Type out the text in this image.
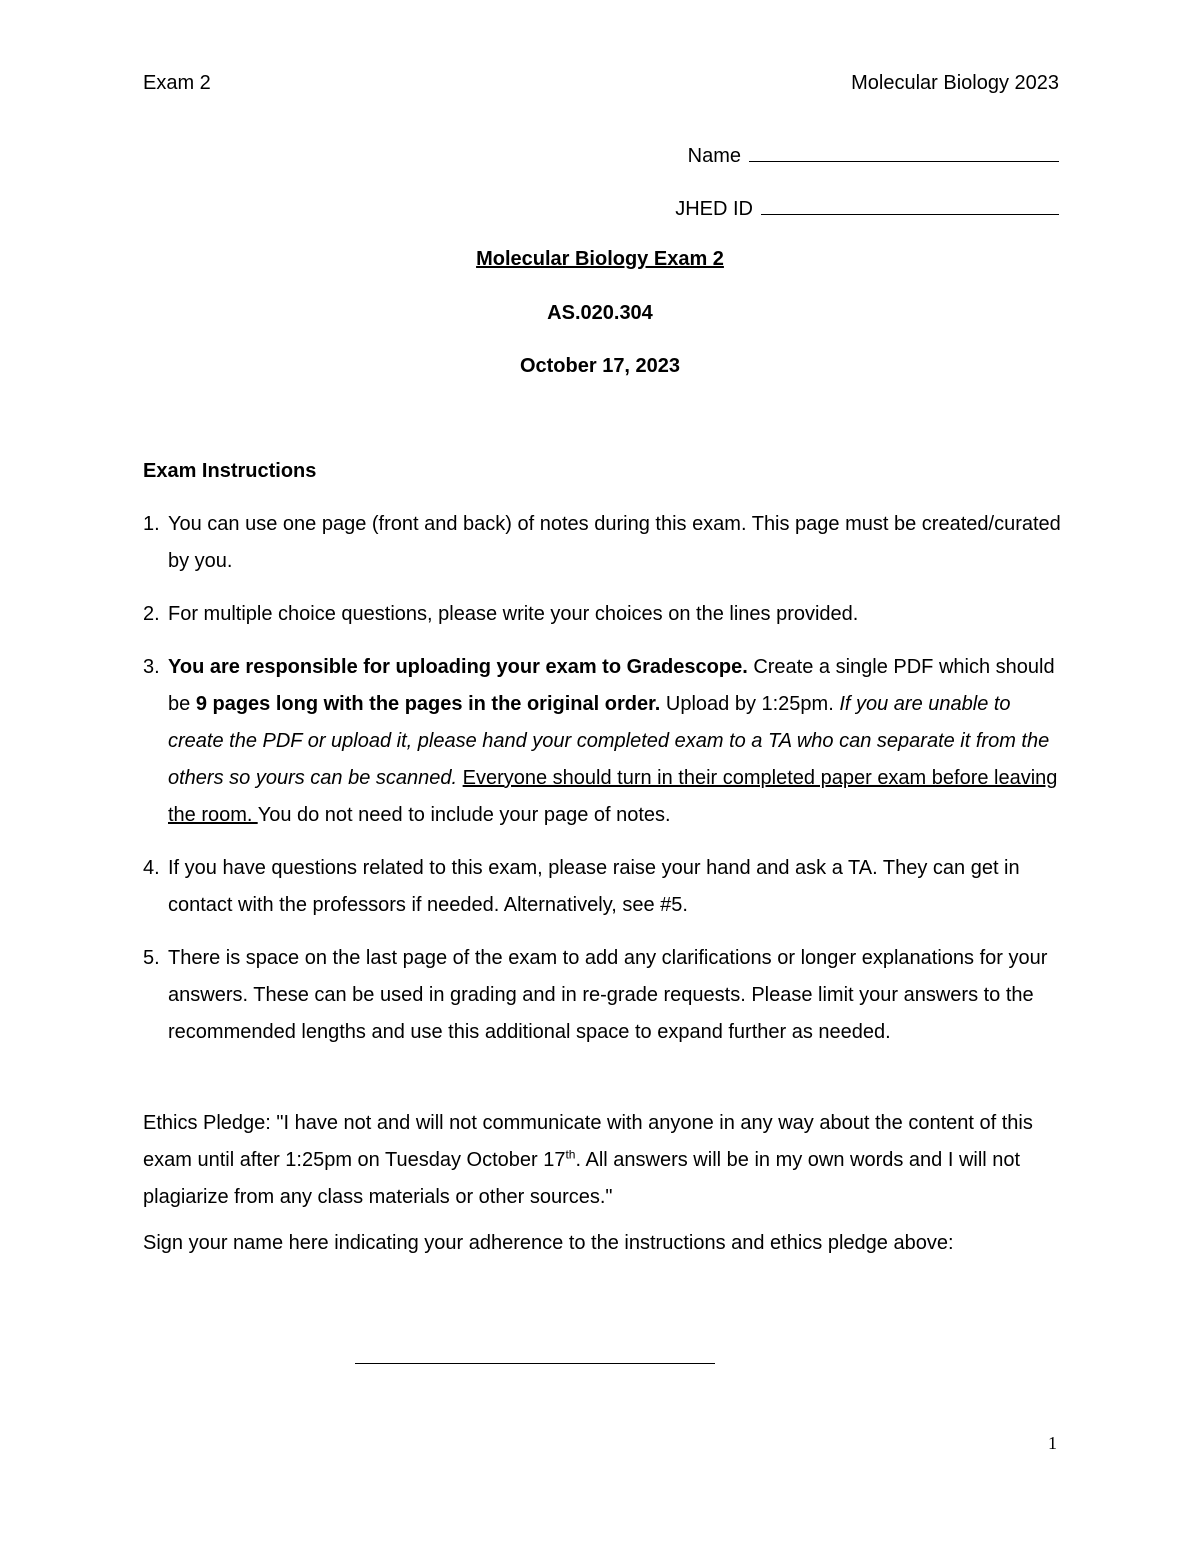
Exam 2	Molecular Biology 2023
Name
JHED ID
Molecular Biology Exam 2
AS.020.304
October 17, 2023
Exam Instructions
1. You can use one page (front and back) of notes during this exam. This page must be created/curated by you.
2. For multiple choice questions, please write your choices on the lines provided.
3. You are responsible for uploading your exam to Gradescope. Create a single PDF which should be 9 pages long with the pages in the original order. Upload by 1:25pm. If you are unable to create the PDF or upload it, please hand your completed exam to a TA who can separate it from the others so yours can be scanned. Everyone should turn in their completed paper exam before leaving the room. You do not need to include your page of notes.
4. If you have questions related to this exam, please raise your hand and ask a TA. They can get in contact with the professors if needed. Alternatively, see #5.
5. There is space on the last page of the exam to add any clarifications or longer explanations for your answers. These can be used in grading and in re-grade requests. Please limit your answers to the recommended lengths and use this additional space to expand further as needed.

Ethics Pledge: "I have not and will not communicate with anyone in any way about the content of this exam until after 1:25pm on Tuesday October 17th. All answers will be in my own words and I will not plagiarize from any class materials or other sources."

Sign your name here indicating your adherence to the instructions and ethics pledge above:

1
